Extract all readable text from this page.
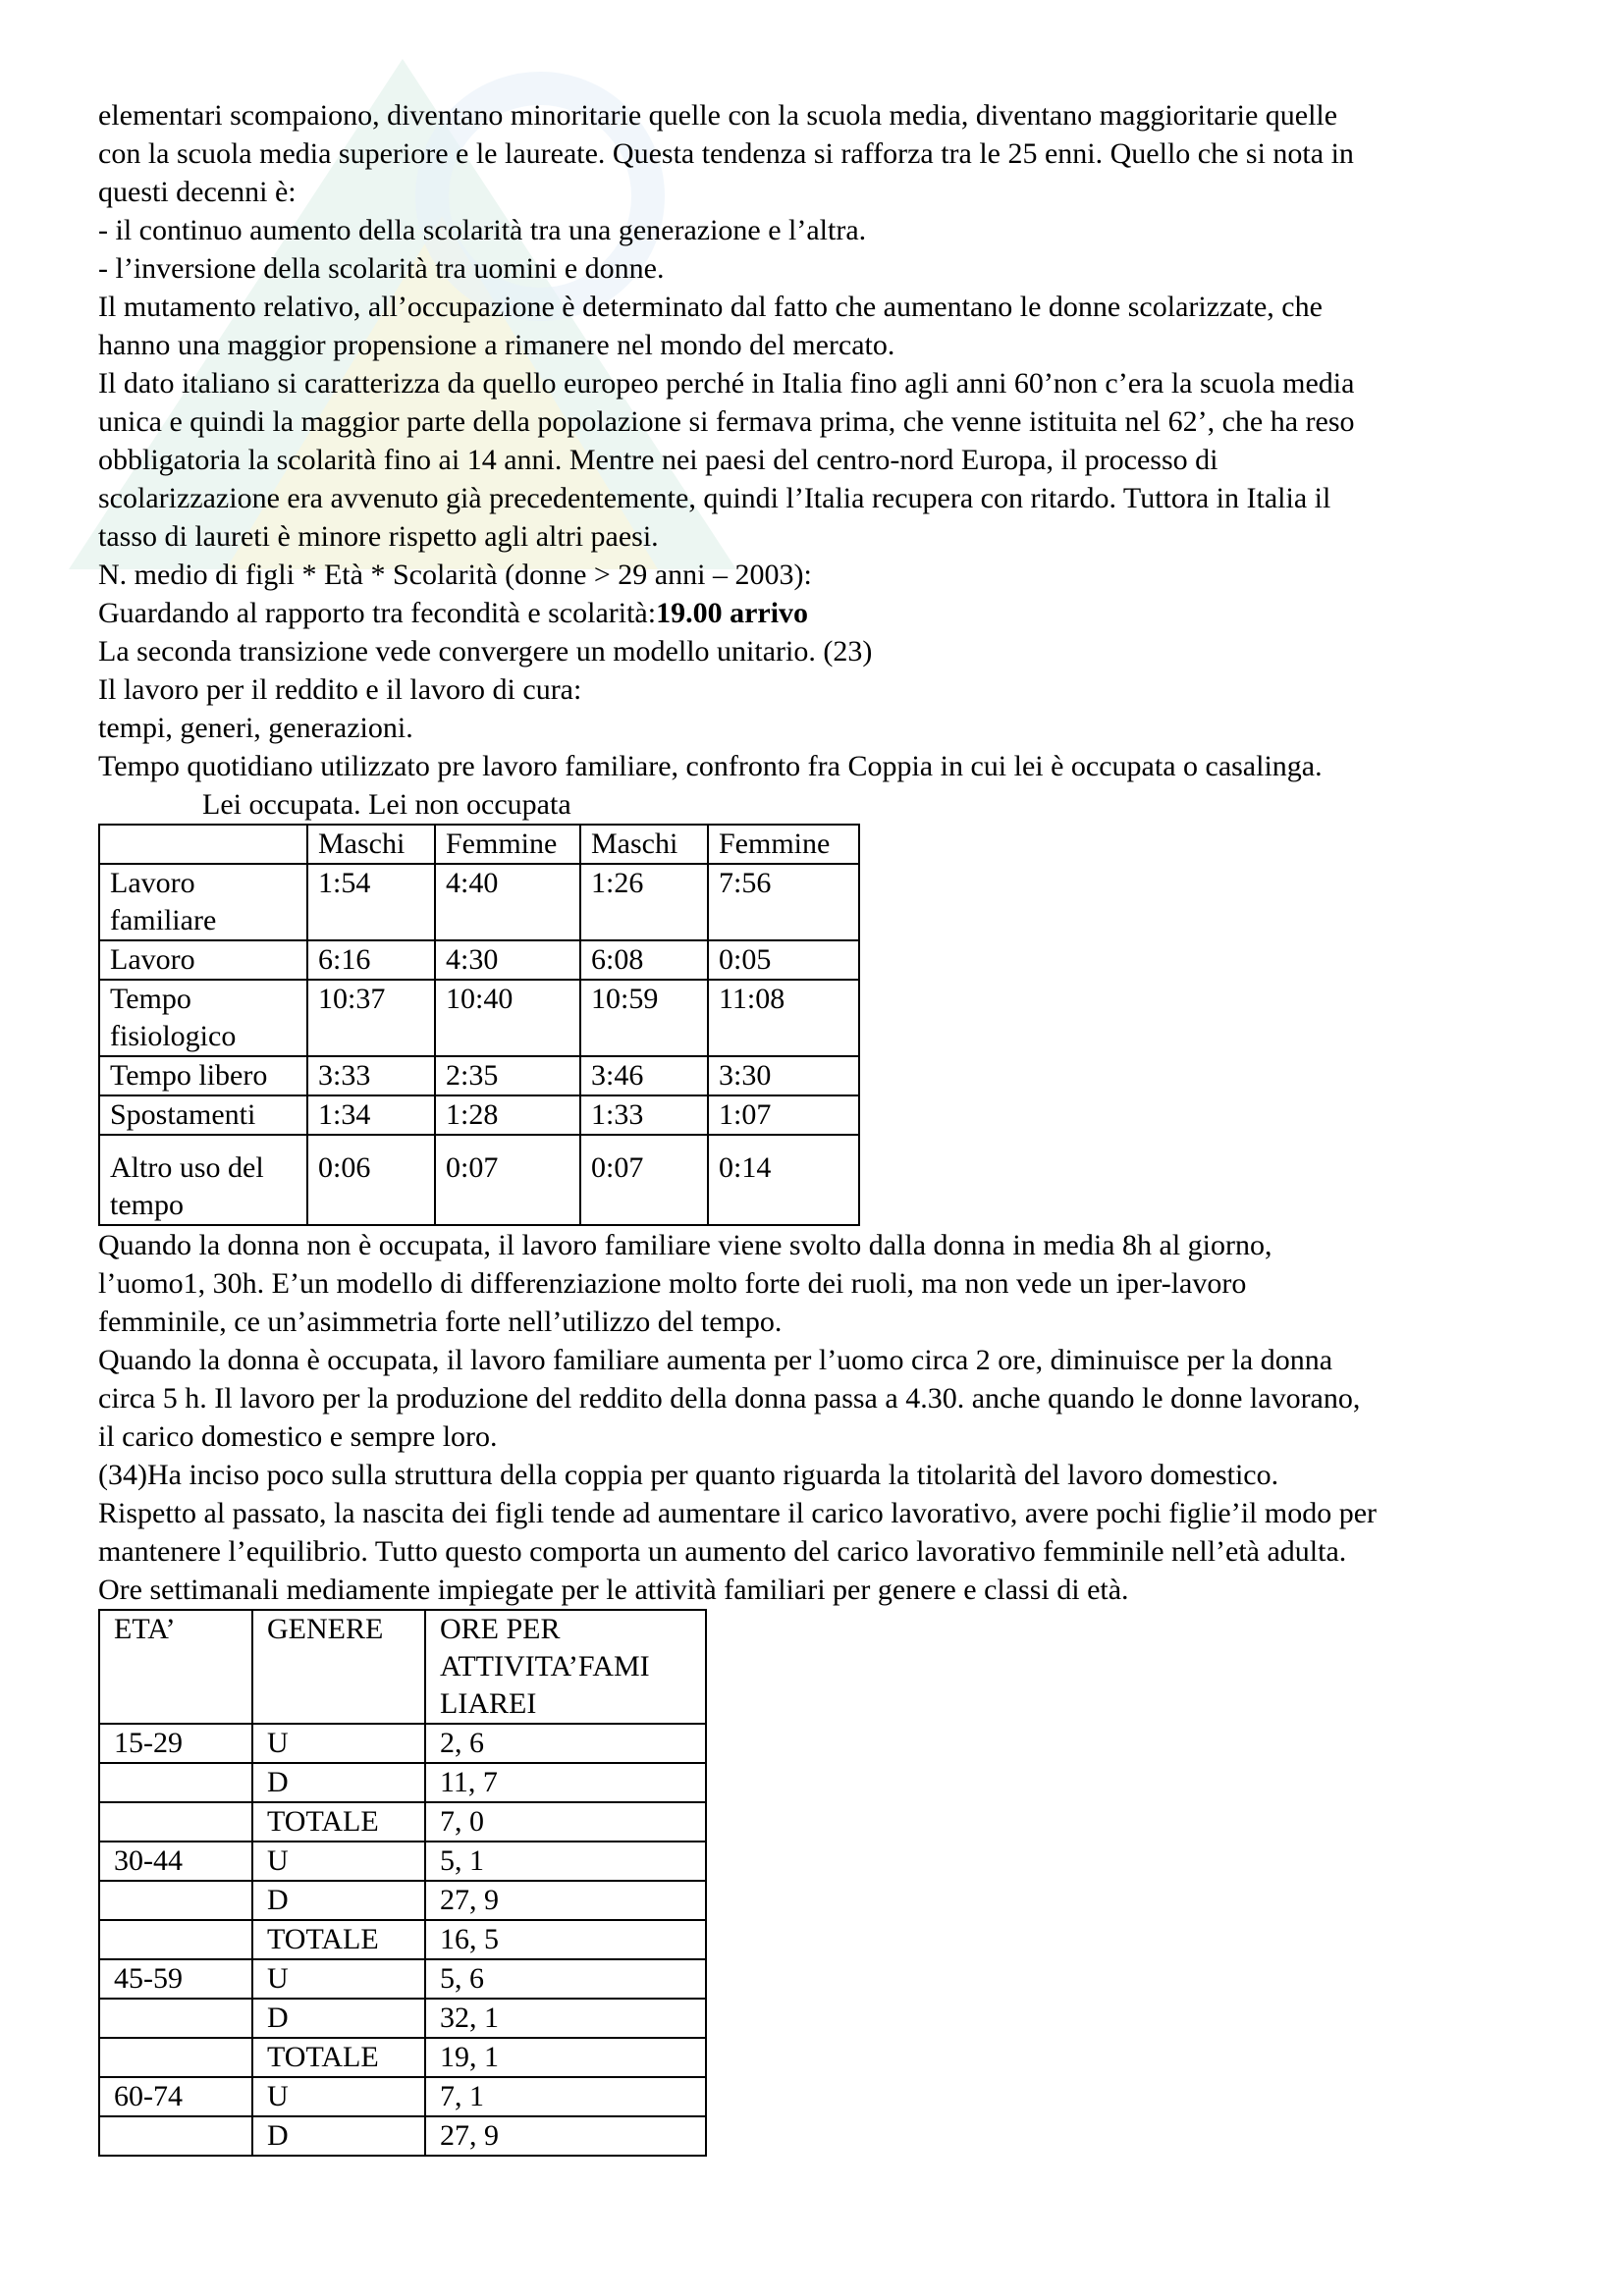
elementari scompaiono, diventano minoritarie quelle con la scuola media, diventano maggioritarie quelle

con la scuola media superiore e le laureate. Questa tendenza si rafforza tra le 25 enni. Quello che si nota in

questi decenni è:

- il continuo aumento della scolarità tra una generazione e l’altra.

- l’inversione della scolarità tra uomini e donne.

Il mutamento relativo, all’occupazione è determinato dal fatto che aumentano le donne scolarizzate, che

hanno una maggior propensione a rimanere nel mondo del mercato.

Il dato italiano si caratterizza da quello europeo perché in Italia fino agli anni 60’non c’era la scuola media

unica e quindi la maggior parte della popolazione si fermava prima, che venne istituita nel 62’, che ha reso

obbligatoria la scolarità fino ai 14 anni. Mentre nei paesi del centro-nord Europa, il processo di

scolarizzazione era avvenuto già precedentemente, quindi l’Italia recupera con ritardo. Tuttora in Italia il

tasso di laureti è minore rispetto agli altri paesi.

N. medio di figli * Età * Scolarità (donne > 29 anni – 2003):

Guardando al rapporto tra fecondità e scolarità:19.00 arrivo

La seconda transizione vede convergere un modello unitario. (23)

Il lavoro per il reddito e il lavoro di cura:

tempi, generi, generazioni.

Tempo quotidiano utilizzato pre lavoro familiare, confronto fra Coppia in cui lei è occupata o casalinga.

Lei occupata. Lei non occupata

	Maschi	Femmine	Maschi	Femmine
Lavoro familiare	1:54	4:40	1:26	7:56
Lavoro	6:16	4:30	6:08	0:05
Tempo fisiologico	10:37	10:40	10:59	11:08
Tempo libero	3:33	2:35	3:46	3:30
Spostamenti	1:34	1:28	1:33	1:07
Altro uso del tempo	0:06	0:07	0:07	0:14

Quando la donna non è occupata, il lavoro familiare viene svolto dalla donna in media 8h al giorno,

l’uomo1, 30h. E’un modello di differenziazione molto forte dei ruoli, ma non vede un iper-lavoro

femminile, ce un’asimmetria forte nell’utilizzo del tempo.

Quando la donna è occupata, il lavoro familiare aumenta per l’uomo circa 2 ore, diminuisce per la donna

circa 5 h. Il lavoro per la produzione del reddito della donna passa a 4.30. anche quando le donne lavorano,

il carico domestico e sempre loro.

(34)Ha inciso poco sulla struttura della coppia per quanto riguarda la titolarità del lavoro domestico.

Rispetto al passato, la nascita dei figli tende ad aumentare il carico lavorativo, avere pochi figlie’il modo per

mantenere l’equilibrio. Tutto questo comporta un aumento del carico lavorativo femminile nell’età adulta.

Ore settimanali mediamente impiegate per le attività familiari per genere e classi di età.

ETA’	GENERE	ORE PER ATTIVITA’FAMI LIAREI
15-29	U	2, 6
	D	11, 7
	TOTALE	7, 0
30-44	U	5, 1
	D	27, 9
	TOTALE	16, 5
45-59	U	5, 6
	D	32, 1
	TOTALE	19, 1
60-74	U	7, 1
	D	27, 9
